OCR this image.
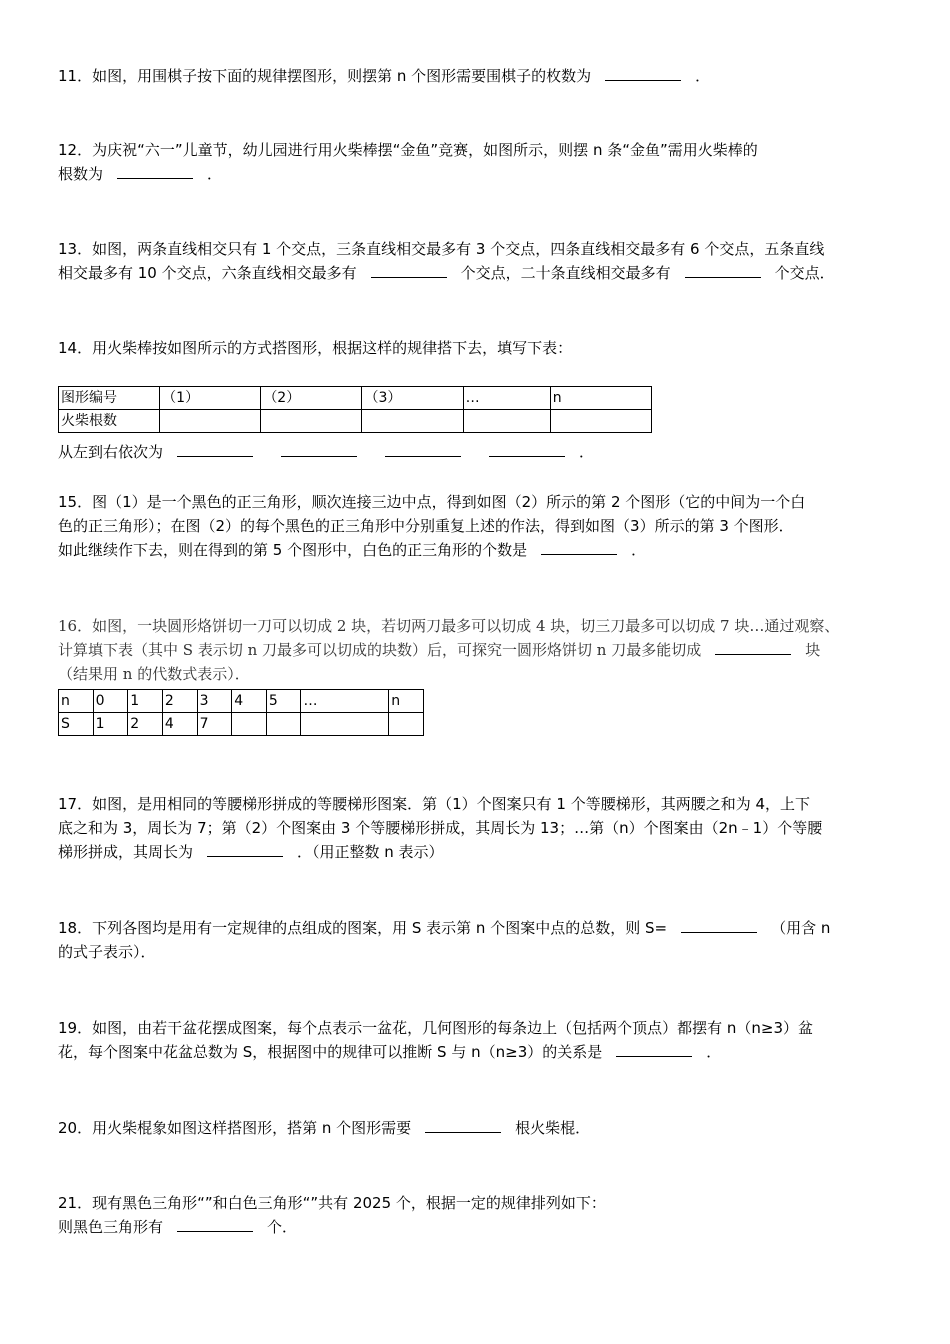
11．如图，用围棋子按下面的规律摆图形，则摆第 n 个图形需要围棋子的枚数为	．
12．为庆祝“六一”儿童节，幼儿园进行用火柴棒摆“金鱼”竞赛，如图所示，则摆 n 条“金鱼”需用火柴棒的
根数为	．
13．如图，两条直线相交只有 1 个交点，三条直线相交最多有 3 个交点，四条直线相交最多有 6 个交点，五条直线
相交最多有 10 个交点，六条直线相交最多有	个交点，二十条直线相交最多有	个交点．
14．用火柴棒按如图所示的方式搭图形，根据这样的规律搭下去，填写下表：
图形编号	（1）	（2）	（3）	…	n
火柴根数					
从左到右依次为	．
15．图（1）是一个黑色的正三角形，顺次连接三边中点，得到如图（2）所示的第 2 个图形（它的中间为一个白
色的正三角形）；在图（2）的每个黑色的正三角形中分别重复上述的作法，得到如图（3）所示的第 3 个图形．
如此继续作下去，则在得到的第 5 个图形中，白色的正三角形的个数是	．
16．如图，一块圆形烙饼切一刀可以切成 2 块，若切两刀最多可以切成 4 块，切三刀最多可以切成 7 块…通过观察、
计算填下表（其中 S 表示切 n 刀最多可以切成的块数）后，可探究一圆形烙饼切 n 刀最多能切成	块
（结果用 n 的代数式表示）．
n	0	1	2	3	4	5	…	n
S	1	2	4	7				
17．如图，是用相同的等腰梯形拼成的等腰梯形图案．第（1）个图案只有 1 个等腰梯形，其两腰之和为 4，上下
底之和为 3，周长为 7；第（2）个图案由 3 个等腰梯形拼成，其周长为 13；…第（n）个图案由（2n﹣1）个等腰
梯形拼成，其周长为	．（用正整数 n 表示）
18．下列各图均是用有一定规律的点组成的图案，用 S 表示第 n 个图案中点的总数，则 S=	（用含 n
的式子表示）．
19．如图，由若干盆花摆成图案，每个点表示一盆花，几何图形的每条边上（包括两个顶点）都摆有 n（n≥3）盆
花，每个图案中花盆总数为 S，根据图中的规律可以推断 S 与 n（n≥3）的关系是	．
20．用火柴棍象如图这样搭图形，搭第 n 个图形需要	根火柴棍．
21．现有黑色三角形“”和白色三角形“”共有 2025 个，根据一定的规律排列如下：
则黑色三角形有	个．
